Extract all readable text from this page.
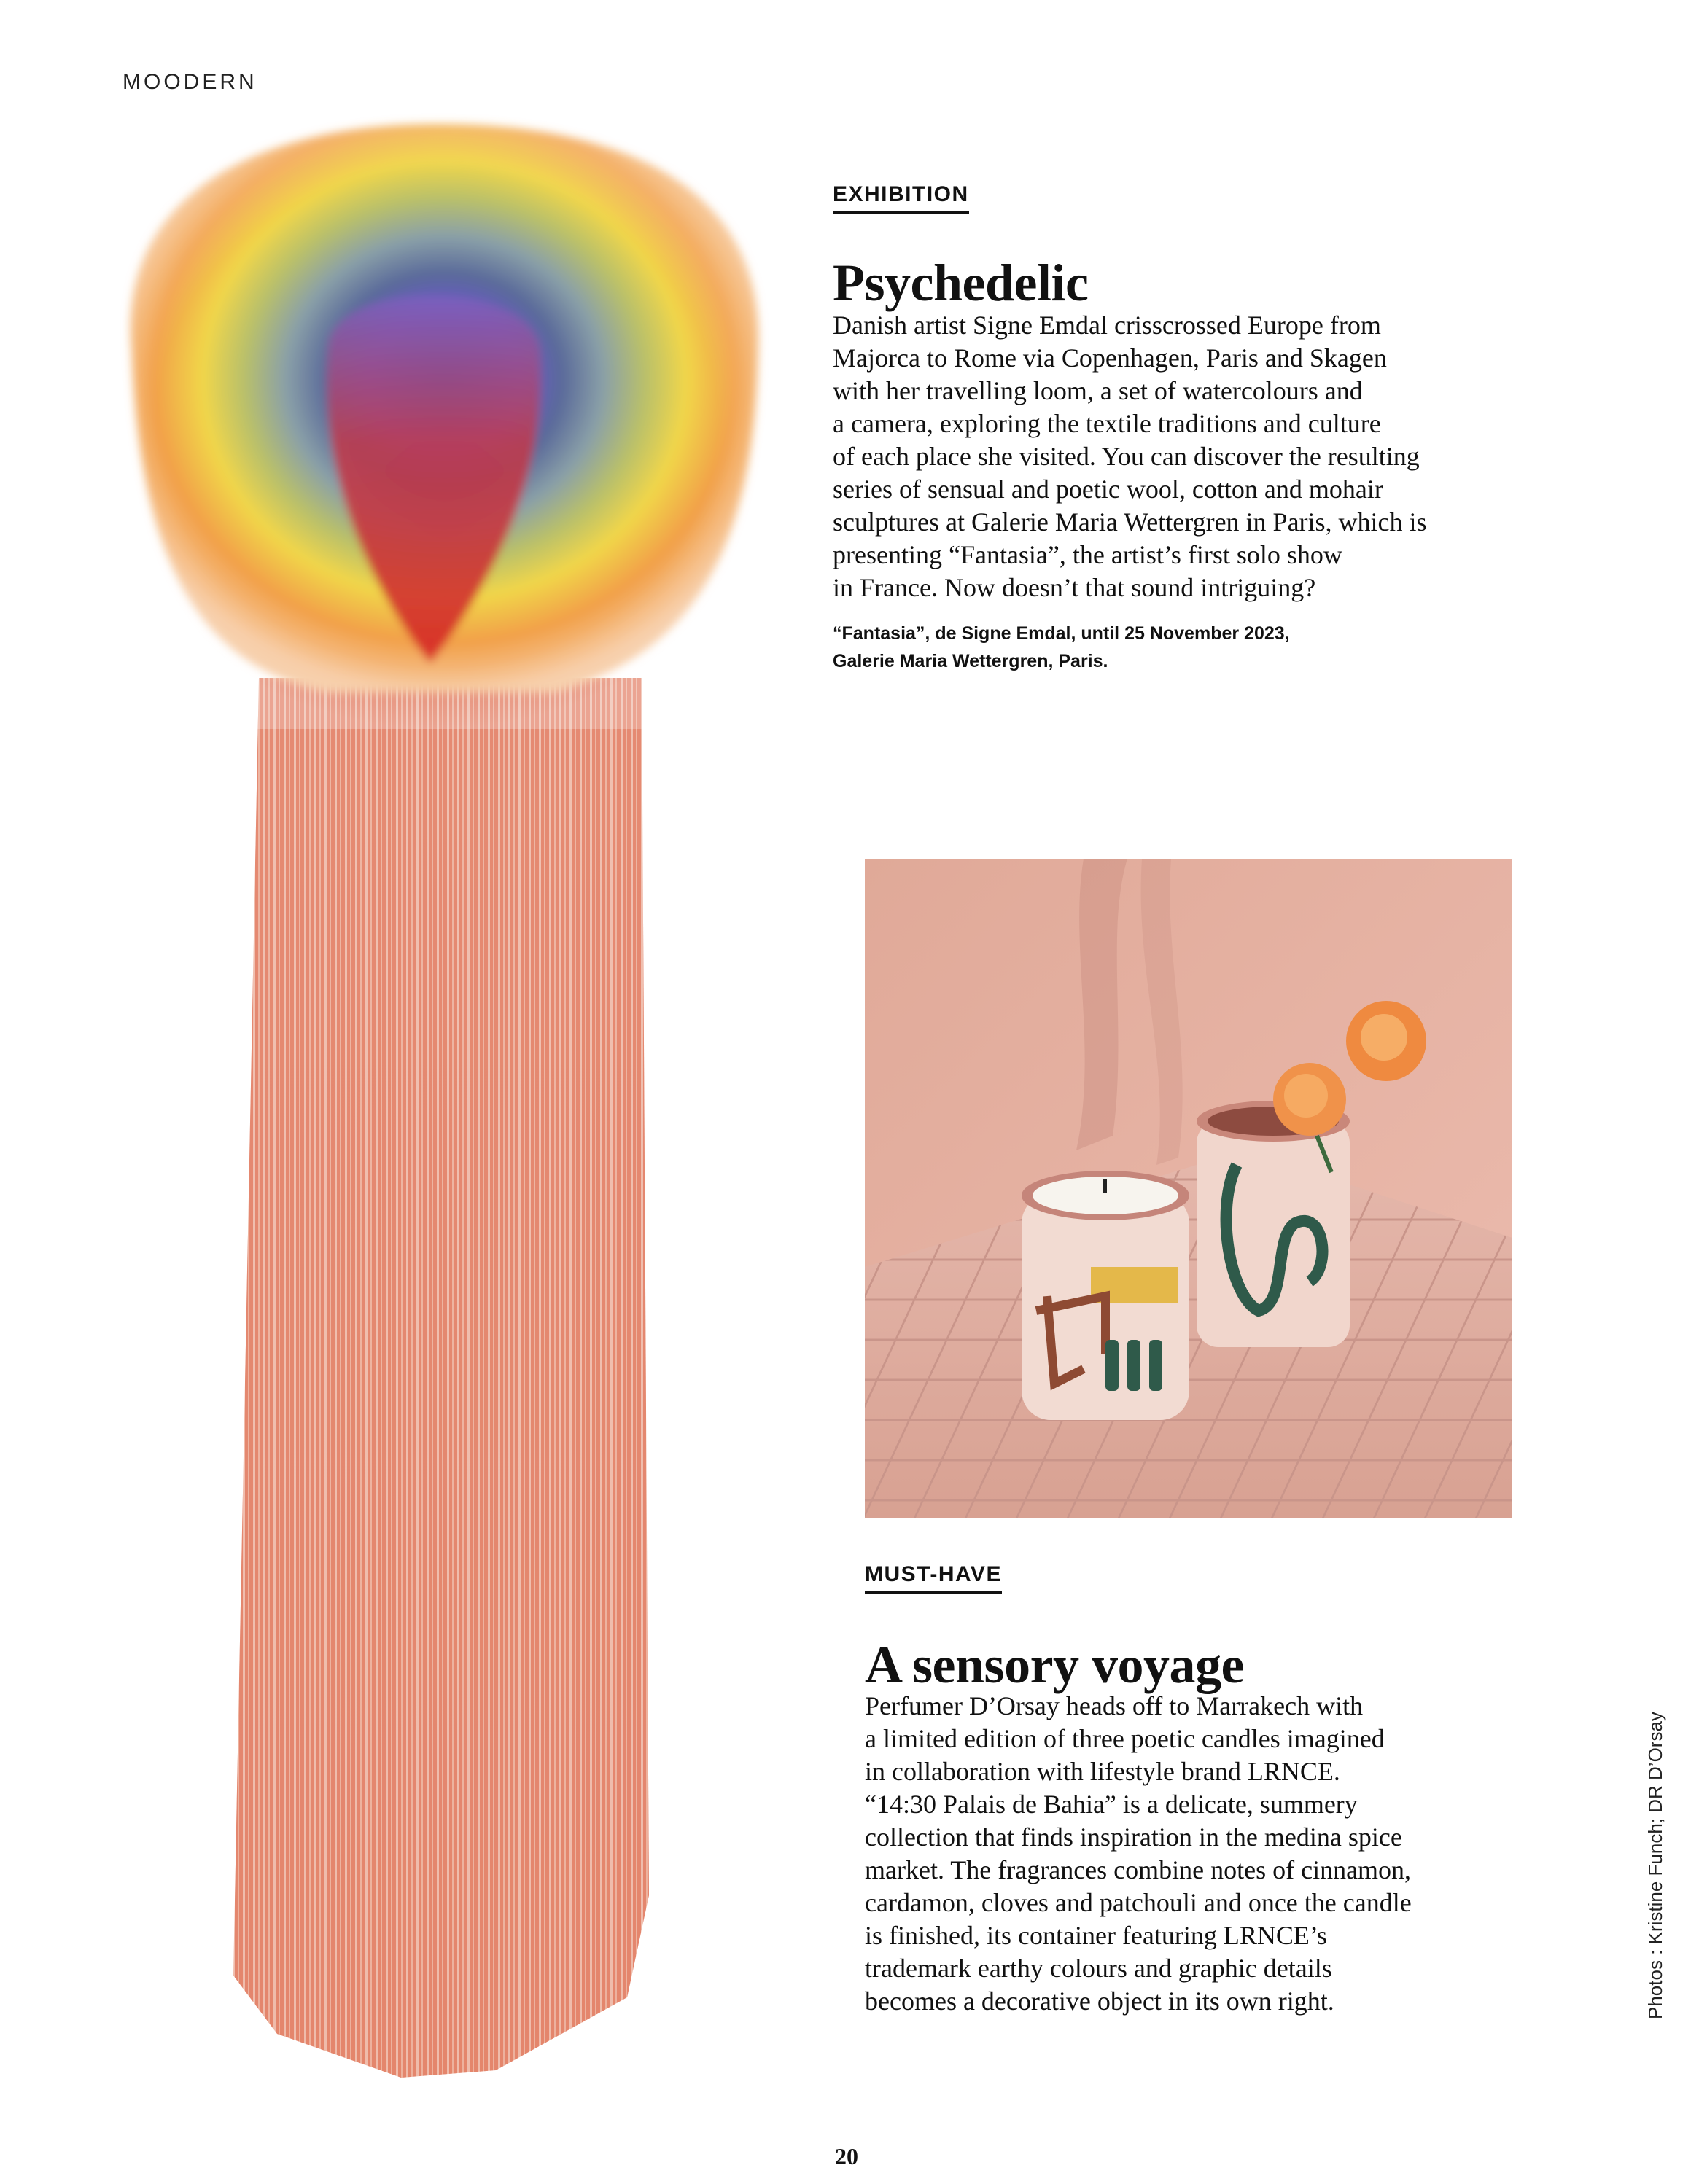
MOODERN
EXHIBITION
Psychedelic
Danish artist Signe Emdal crisscrossed Europe from
Majorca to Rome via Copenhagen, Paris and Skagen
with her travelling loom, a set of watercolours and
a camera, exploring the textile traditions and culture
of each place she visited. You can discover the resulting
series of sensual and poetic wool, cotton and mohair
sculptures at Galerie Maria Wettergren in Paris, which is
presenting “Fantasia”, the artist’s first solo show
in France. Now doesn’t that sound intriguing?
“Fantasia”, de Signe Emdal, until 25 November 2023,
Galerie Maria Wettergren, Paris.
MUST-HAVE
A sensory voyage
Perfumer D’Orsay heads off to Marrakech with
a limited edition of three poetic candles imagined
in collaboration with lifestyle brand LRNCE.
“14:30 Palais de Bahia” is a delicate, summery
collection that finds inspiration in the medina spice
market. The fragrances combine notes of cinnamon,
cardamon, cloves and patchouli and once the candle
is finished, its container featuring LRNCE’s
trademark earthy colours and graphic details
becomes a decorative object in its own right.	Photos : Kristine Funch; DR D’Orsay
20
